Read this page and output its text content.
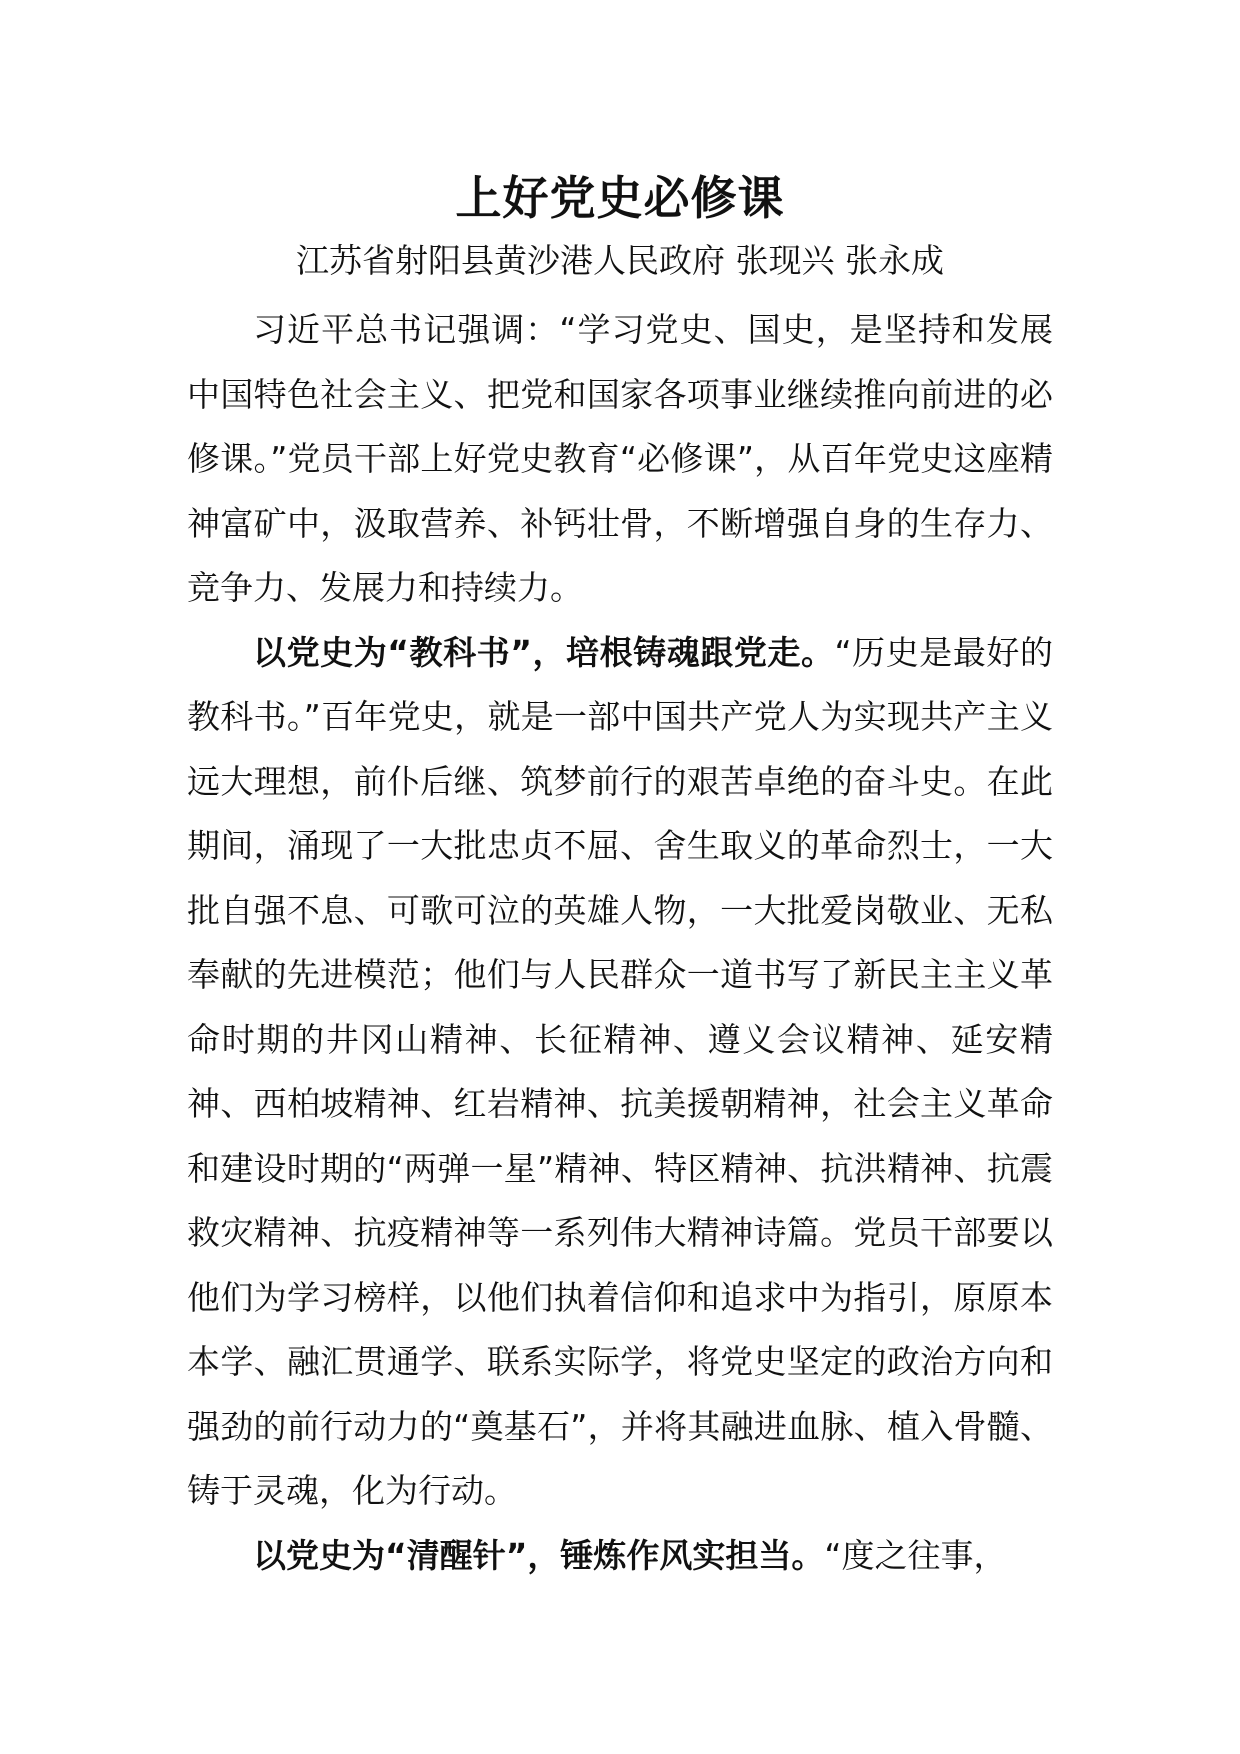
上好党史必修课
江苏省射阳县黄沙港人民政府 张现兴 张永成

习近平总书记强调：“学习党史、国史，是坚持和发展中国特色社会主义、把党和国家各项事业继续推向前进的必修课。”党员干部上好党史教育“必修课”，从百年党史这座精神富矿中，汲取营养、补钙壮骨，不断增强自身的生存力、竞争力、发展力和持续力。

以党史为“教科书”，培根铸魂跟党走。“历史是最好的教科书。”百年党史，就是一部中国共产党人为实现共产主义远大理想，前仆后继、筑梦前行的艰苦卓绝的奋斗史。在此期间，涌现了一大批忠贞不屈、舍生取义的革命烈士，一大批自强不息、可歌可泣的英雄人物，一大批爱岗敬业、无私奉献的先进模范；他们与人民群众一道书写了新民主主义革命时期的井冈山精神、长征精神、遵义会议精神、延安精神、西柏坡精神、红岩精神、抗美援朝精神，社会主义革命和建设时期的“两弹一星”精神、特区精神、抗洪精神、抗震救灾精神、抗疫精神等一系列伟大精神诗篇。党员干部要以他们为学习榜样，以他们执着信仰和追求中为指引，原原本本学、融汇贯通学、联系实际学，将党史坚定的政治方向和强劲的前行动力的“奠基石”，并将其融进血脉、植入骨髓、铸于灵魂，化为行动。

以党史为“清醒针”，锤炼作风实担当。“度之往事，
